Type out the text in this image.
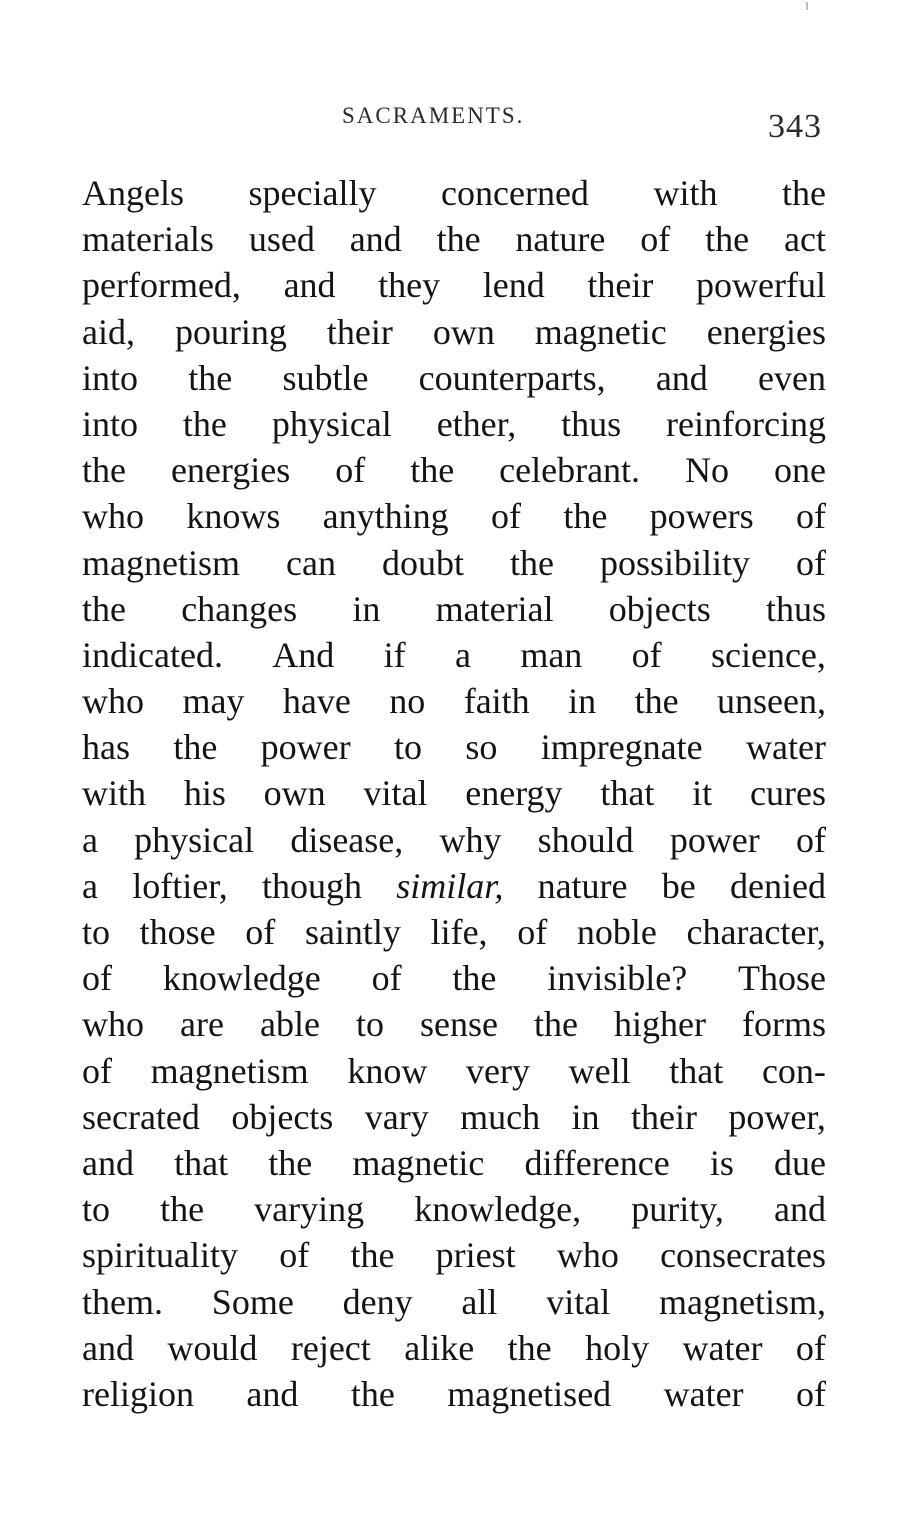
SACRAMENTS.	343
Angels specially concerned with the
materials used and the nature of the act
performed, and they lend their powerful
aid, pouring their own magnetic energies
into the subtle counterparts, and even
into the physical ether, thus reinforcing
the energies of the celebrant. No one
who knows anything of the powers of
magnetism can doubt the possibility of
the changes in material objects thus
indicated. And if a man of science,
who may have no faith in the unseen,
has the power to so impregnate water
with his own vital energy that it cures
a physical disease, why should power of
a loftier, though similar, nature be denied
to those of saintly life, of noble character,
of knowledge of the invisible? Those
who are able to sense the higher forms
of magnetism know very well that con-
secrated objects vary much in their power,
and that the magnetic difference is due
to the varying knowledge, purity, and
spirituality of the priest who consecrates
them. Some deny all vital magnetism,
and would reject alike the holy water of
religion and the magnetised water of
